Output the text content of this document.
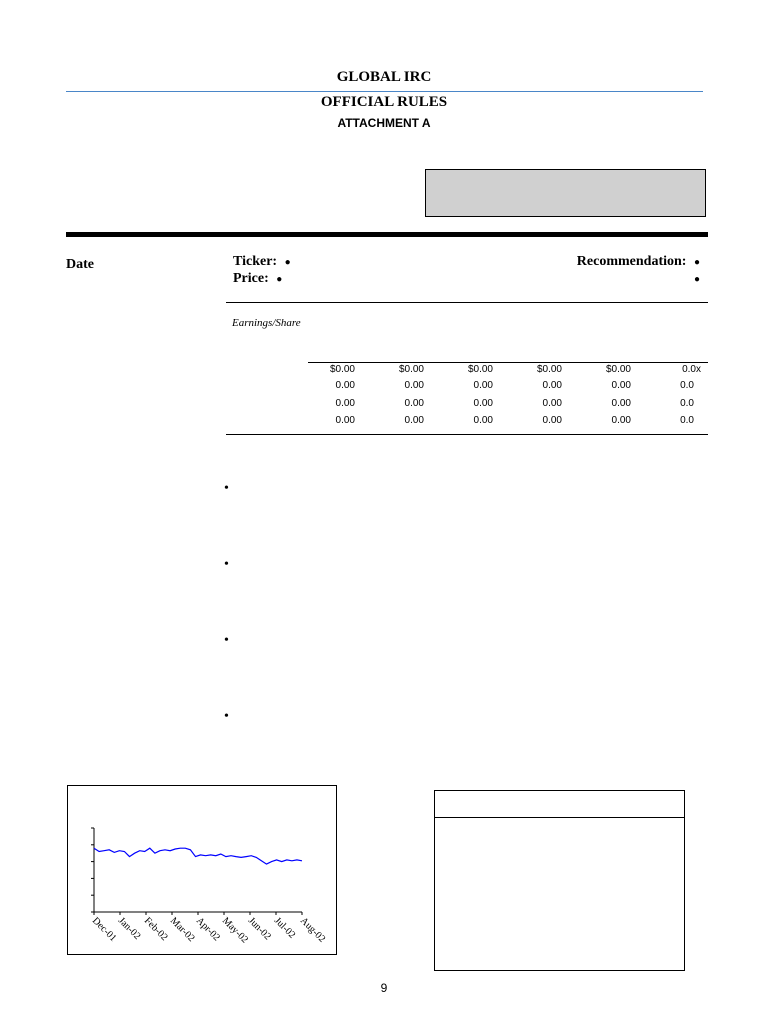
GLOBAL IRC
OFFICIAL RULES
ATTACHMENT A
Date	Ticker: ●
Price: ●
Recommendation: ●
●
Earnings/Share
$0.00	$0.00	$0.00	$0.00	$0.00	0.0x
0.00	0.00	0.00	0.00	0.00	0.0
0.00	0.00	0.00	0.00	0.00	0.0
0.00	0.00	0.00	0.00	0.00	0.0
•
•
•
•
Dec-01
Jan-02 Feb-02
Mar-02
Apr-02
May-02
Jun-02
Jul-02 Aug-02
9
